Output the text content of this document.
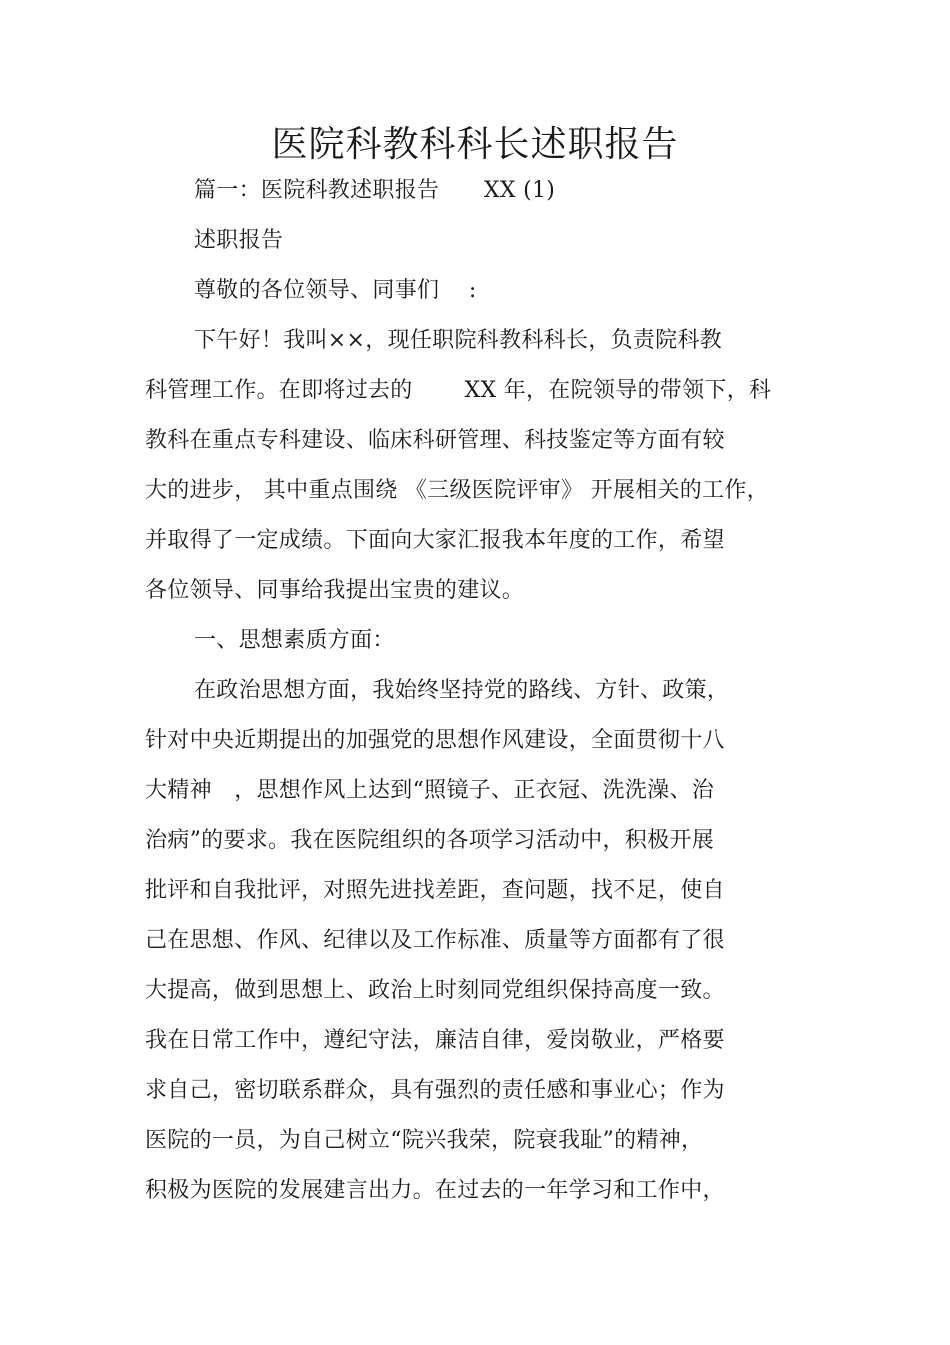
医院科教科科长述职报告
篇一：医院科教述职报告　　XX (1)
述职报告
尊敬的各位领导、同事们　 :
下午好！我叫××，现任职院科教科科长，负责院科教
科管理工作。在即将过去的　　 XX 年，在院领导的带领下，科
教科在重点专科建设、临床科研管理、科技鉴定等方面有较
大的进步， 其中重点围绕 《三级医院评审》 开展相关的工作，
并取得了一定成绩。下面向大家汇报我本年度的工作，希望
各位领导、同事给我提出宝贵的建议。
一、思想素质方面：
在政治思想方面，我始终坚持党的路线、方针、政策，
针对中央近期提出的加强党的思想作风建设，全面贯彻十八
大精神　，思想作风上达到“照镜子、正衣冠、洗洗澡、治
治病”的要求。我在医院组织的各项学习活动中，积极开展
批评和自我批评，对照先进找差距，查问题，找不足，使自
己在思想、作风、纪律以及工作标准、质量等方面都有了很
大提高，做到思想上、政治上时刻同党组织保持高度一致。
我在日常工作中，遵纪守法，廉洁自律，爱岗敬业，严格要
求自己，密切联系群众，具有强烈的责任感和事业心；作为
医院的一员，为自己树立“院兴我荣，院衰我耻”的精神，
积极为医院的发展建言出力。在过去的一年学习和工作中，
